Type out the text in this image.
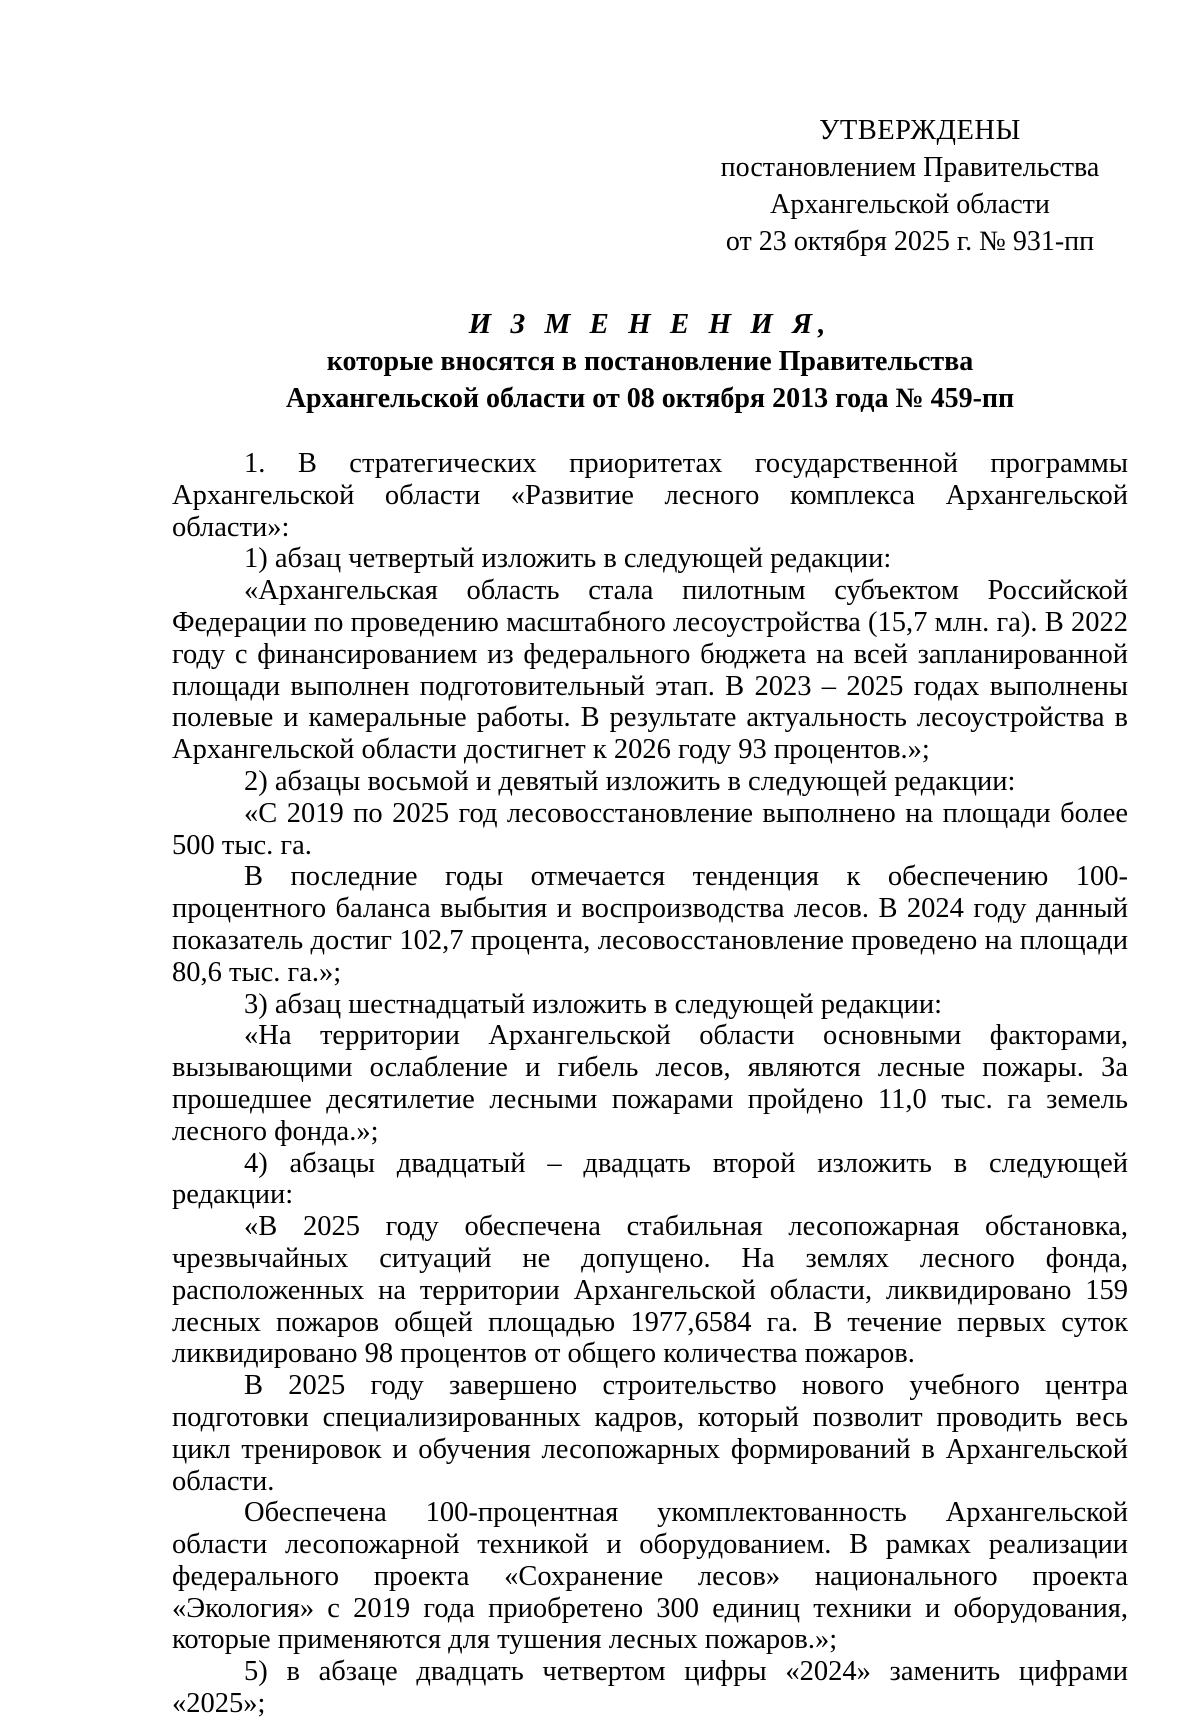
УТВЕРЖДЕНЫ
постановлением Правительства
Архангельской области
от 23 октября 2025 г. № 931-пп
И З М Е Н Е Н И Я,
которые вносятся в постановление Правительства
Архангельской области от 08 октября 2013 года № 459-пп

1. В стратегических приоритетах государственной программы Архангельской области «Развитие лесного комплекса Архангельской области»:

1) абзац четвертый изложить в следующей редакции:

«Архангельская область стала пилотным субъектом Российской Федерации по проведению масштабного лесоустройства (15,7 млн. га). В 2022 году с финансированием из федерального бюджета на всей запланированной площади выполнен подготовительный этап. В 2023 – 2025 годах выполнены полевые и камеральные работы. В результате актуальность лесоустройства в Архангельской области достигнет к 2026 году 93 процентов.»;

2) абзацы восьмой и девятый изложить в следующей редакции:

«С 2019 по 2025 год лесовосстановление выполнено на площади более 500 тыс. га.

В последние годы отмечается тенденция к обеспечению 100-процентного баланса выбытия и воспроизводства лесов. В 2024 году данный показатель достиг 102,7 процента, лесовосстановление проведено на площади 80,6 тыс. га.»;

3) абзац шестнадцатый изложить в следующей редакции:

«На территории Архангельской области основными факторами, вызывающими ослабление и гибель лесов, являются лесные пожары. За прошедшее десятилетие лесными пожарами пройдено 11,0 тыс. га земель лесного фонда.»;

4) абзацы двадцатый – двадцать второй изложить в следующей редакции:

«В 2025 году обеспечена стабильная лесопожарная обстановка, чрезвычайных ситуаций не допущено. На землях лесного фонда, расположенных на территории Архангельской области, ликвидировано 159 лесных пожаров общей площадью 1977,6584 га. В течение первых суток ликвидировано 98 процентов от общего количества пожаров.

В 2025 году завершено строительство нового учебного центра подготовки специализированных кадров, который позволит проводить весь цикл тренировок и обучения лесопожарных формирований в Архангельской области.

Обеспечена 100-процентная укомплектованность Архангельской области лесопожарной техникой и оборудованием. В рамках реализации федерального проекта «Сохранение лесов» национального проекта «Экология» с 2019 года приобретено 300 единиц техники и оборудования, которые применяются для тушения лесных пожаров.»;

5) в абзаце двадцать четвертом цифры «2024» заменить цифрами «2025»;
